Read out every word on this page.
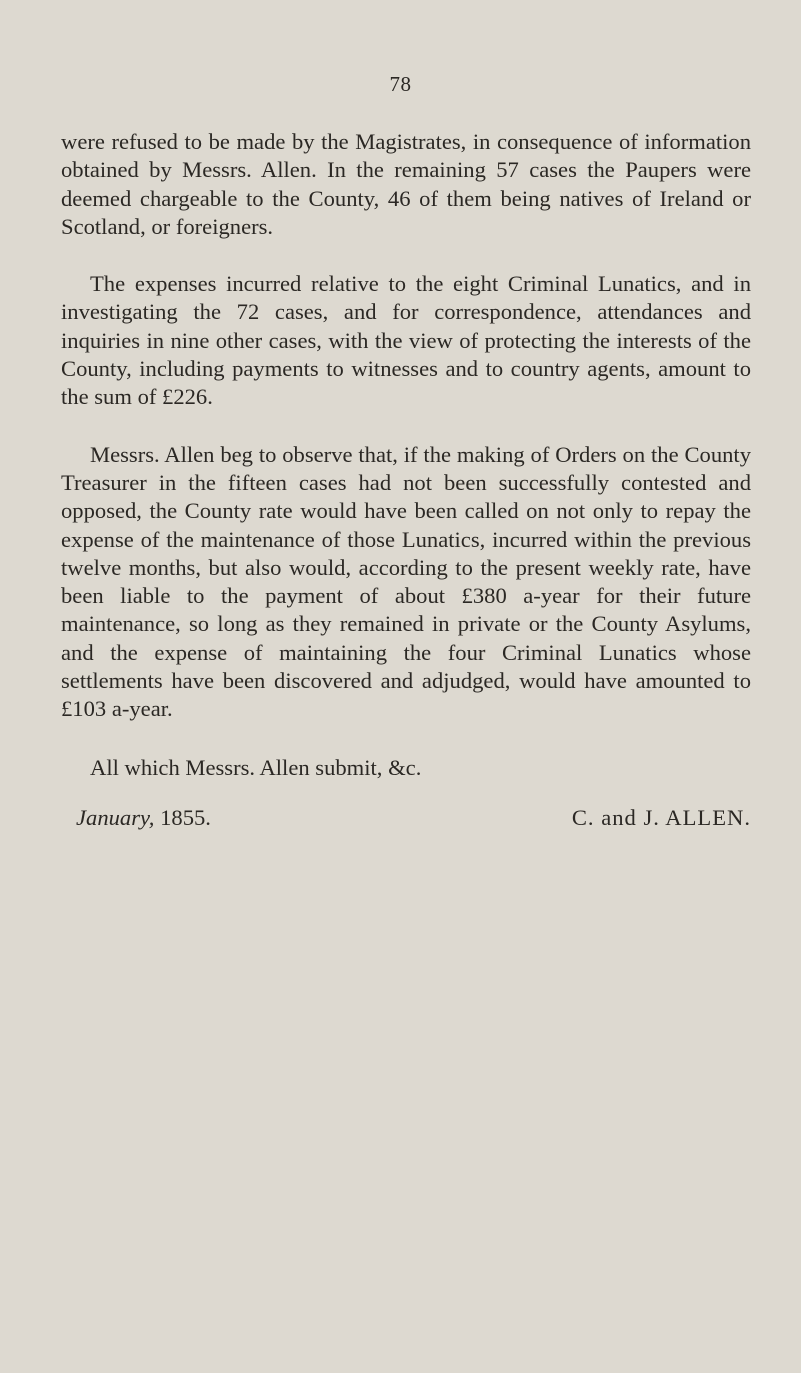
78

were refused to be made by the Magistrates, in consequence of information obtained by Messrs. Allen. In the remaining 57 cases the Paupers were deemed chargeable to the County, 46 of them being natives of Ireland or Scotland, or foreigners.

The expenses incurred relative to the eight Criminal Lunatics, and in investigating the 72 cases, and for correspondence, attendances and inquiries in nine other cases, with the view of protecting the interests of the County, including payments to witnesses and to country agents, amount to the sum of £226.

Messrs. Allen beg to observe that, if the making of Orders on the County Treasurer in the fifteen cases had not been successfully contested and opposed, the County rate would have been called on not only to repay the expense of the maintenance of those Lunatics, incurred within the previous twelve months, but also would, according to the present weekly rate, have been liable to the payment of about £380 a-year for their future maintenance, so long as they remained in private or the County Asylums, and the expense of maintaining the four Criminal Lunatics whose settlements have been discovered and adjudged, would have amounted to £103 a-year.

All which Messrs. Allen submit, &c.
January, 1855.	C. and J. ALLEN.
